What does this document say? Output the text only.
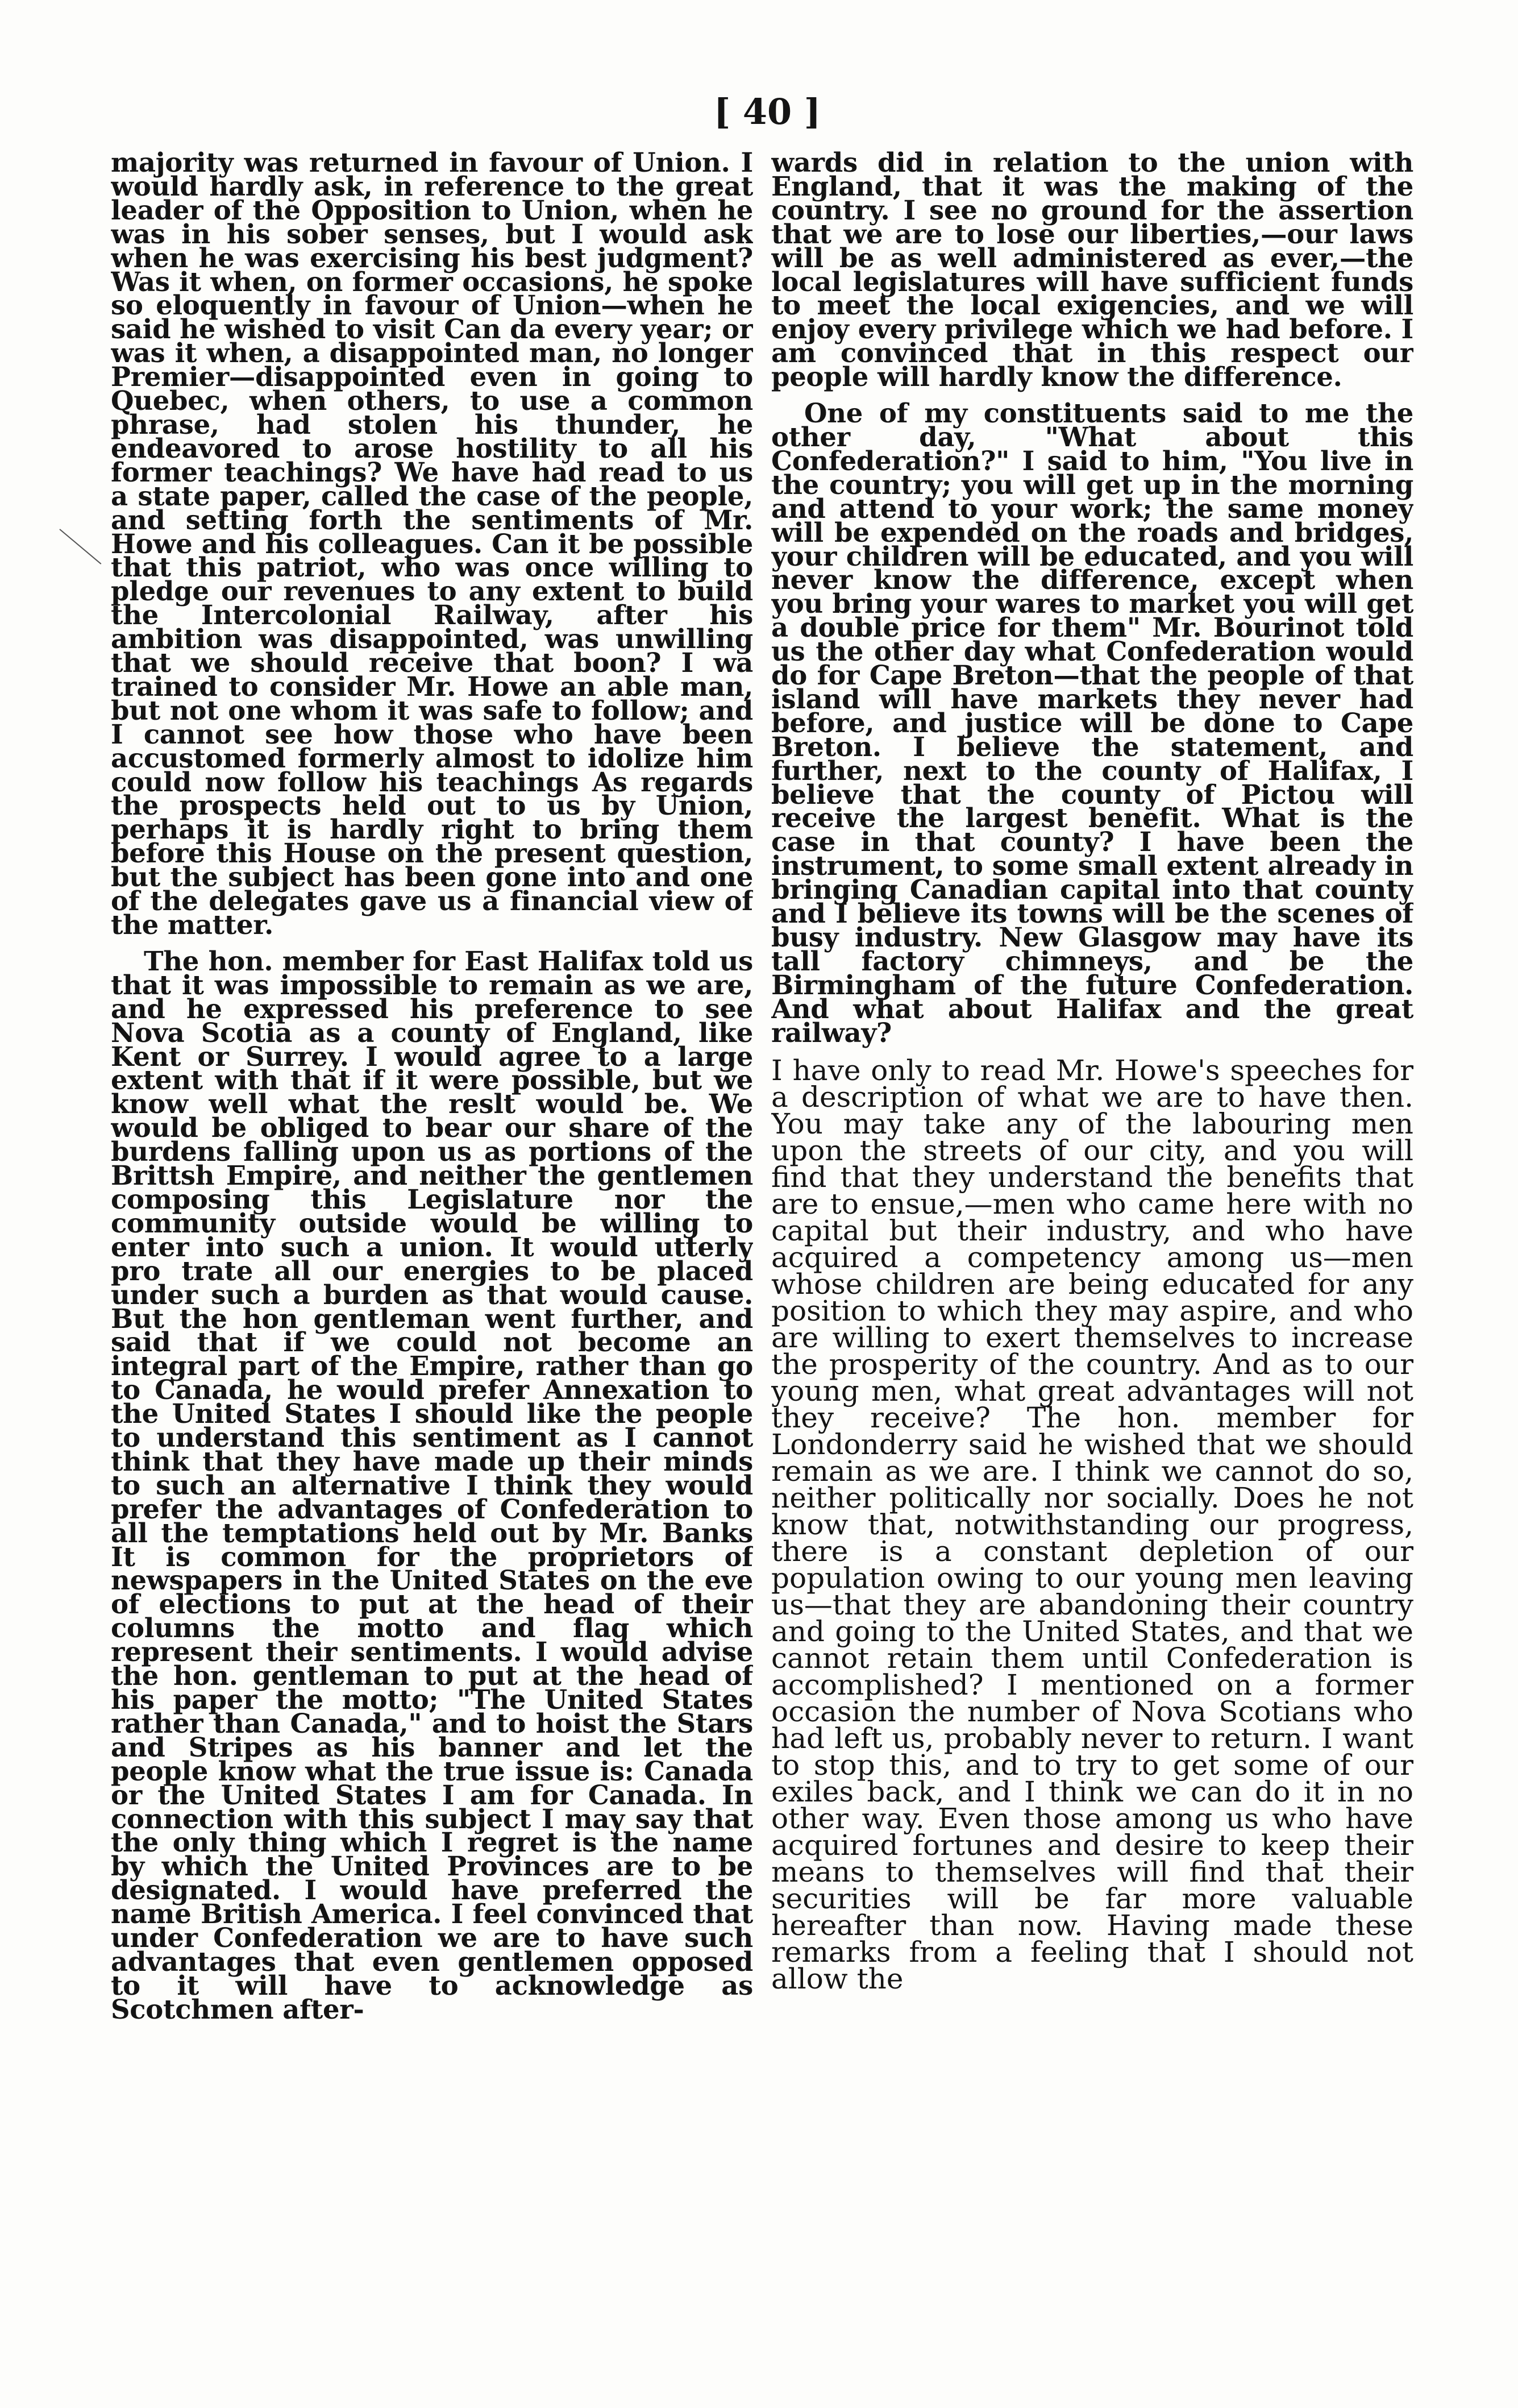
[ 40 ]

majority was returned in favour of Union. I would hardly ask, in reference to the great leader of the Opposition to Union, when he was in his sober senses, but I would ask when he was exercising his best judgment? Was it when, on former occasions, he spoke so eloquently in favour of Union—when he said he wished to visit Can da every year; or was it when, a disappointed man, no longer Premier—disappointed even in going to Quebec, when others, to use a common phrase, had stolen his thunder, he endeavored to arose hostility to all his former teachings? We have had read to us a state paper, called the case of the people, and setting forth the sentiments of Mr. Howe and his colleagues. Can it be possible that this patriot, who was once willing to pledge our revenues to any extent to build the Intercolonial Railway, after his ambition was disappointed, was unwilling that we should receive that boon? I wa trained to consider Mr. Howe an able man, but not one whom it was safe to follow; and I cannot see how those who have been accustomed formerly almost to idolize him could now follow his teachings As regards the prospects held out to us by Union, perhaps it is hardly right to bring them before this House on the present question, but the subject has been gone into and one of the delegates gave us a financial view of the matter.

The hon. member for East Halifax told us that it was impossible to remain as we are, and he expressed his preference to see Nova Scotia as a county of England, like Kent or Surrey. I would agree to a large extent with that if it were possible, but we know well what the reslt would be. We would be obliged to bear our share of the burdens falling upon us as portions of the Brittsh Empire, and neither the gentlemen composing this Legislature nor the community outside would be willing to enter into such a union. It would utterly pro trate all our energies to be placed under such a burden as that would cause. But the hon gentleman went further, and said that if we could not become an integral part of the Empire, rather than go to Canada, he would prefer Annexation to the United States I should like the people to understand this sentiment as I cannot think that they have made up their minds to such an alternative I think they would prefer the advantages of Confederation to all the temptations held out by Mr. Banks It is common for the proprietors of newspapers in the United States on the eve of elections to put at the head of their columns the motto and flag which represent their sentiments. I would advise the hon. gentleman to put at the head of his paper the motto; "The United States rather than Canada," and to hoist the Stars and Stripes as his banner and let the people know what the true issue is: Canada or the United States I am for Canada. In connection with this subject I may say that the only thing which I regret is the name by which the United Provinces are to be designated. I would have preferred the name British America. I feel convinced that under Confederation we are to have such advantages that even gentlemen opposed to it will have to acknowledge as Scotchmen after-

wards did in relation to the union with England, that it was the making of the country. I see no ground for the assertion that we are to lose our liberties,—our laws will be as well administered as ever,—the local legislatures will have sufficient funds to meet the local exigencies, and we will enjoy every privilege which we had before. I am convinced that in this respect our people will hardly know the difference.

One of my constituents said to me the other day, "What about this Confederation?" I said to him, "You live in the country; you will get up in the morning and attend to your work; the same money will be expended on the roads and bridges, your children will be educated, and you will never know the difference, except when you bring your wares to market you will get a double price for them" Mr. Bourinot told us the other day what Confederation would do for Cape Breton—that the people of that island will have markets they never had before, and justice will be done to Cape Breton. I believe the statement, and further, next to the county of Halifax, I believe that the county of Pictou will receive the largest benefit. What is the case in that county? I have been the instrument, to some small extent already in bringing Canadian capital into that county and I believe its towns will be the scenes of busy industry. New Glasgow may have its tall factory chimneys, and be the Birmingham of the future Confederation. And what about Halifax and the great railway?

I have only to read Mr. Howe's speeches for a description of what we are to have then. You may take any of the labouring men upon the streets of our city, and you will find that they understand the benefits that are to ensue,—men who came here with no capital but their industry, and who have acquired a competency among us—men whose children are being educated for any position to which they may aspire, and who are willing to exert themselves to increase the prosperity of the country. And as to our young men, what great advantages will not they receive? The hon. member for Londonderry said he wished that we should remain as we are. I think we cannot do so, neither politically nor socially. Does he not know that, notwithstanding our progress, there is a constant depletion of our population owing to our young men leaving us—that they are abandoning their country and going to the United States, and that we cannot retain them until Confederation is accomplished? I mentioned on a former occasion the number of Nova Scotians who had left us, probably never to return. I want to stop this, and to try to get some of our exiles back, and I think we can do it in no other way. Even those among us who have acquired fortunes and desire to keep their means to themselves will find that their securities will be far more valuable hereafter than now. Having made these remarks from a feeling that I should not allow the
